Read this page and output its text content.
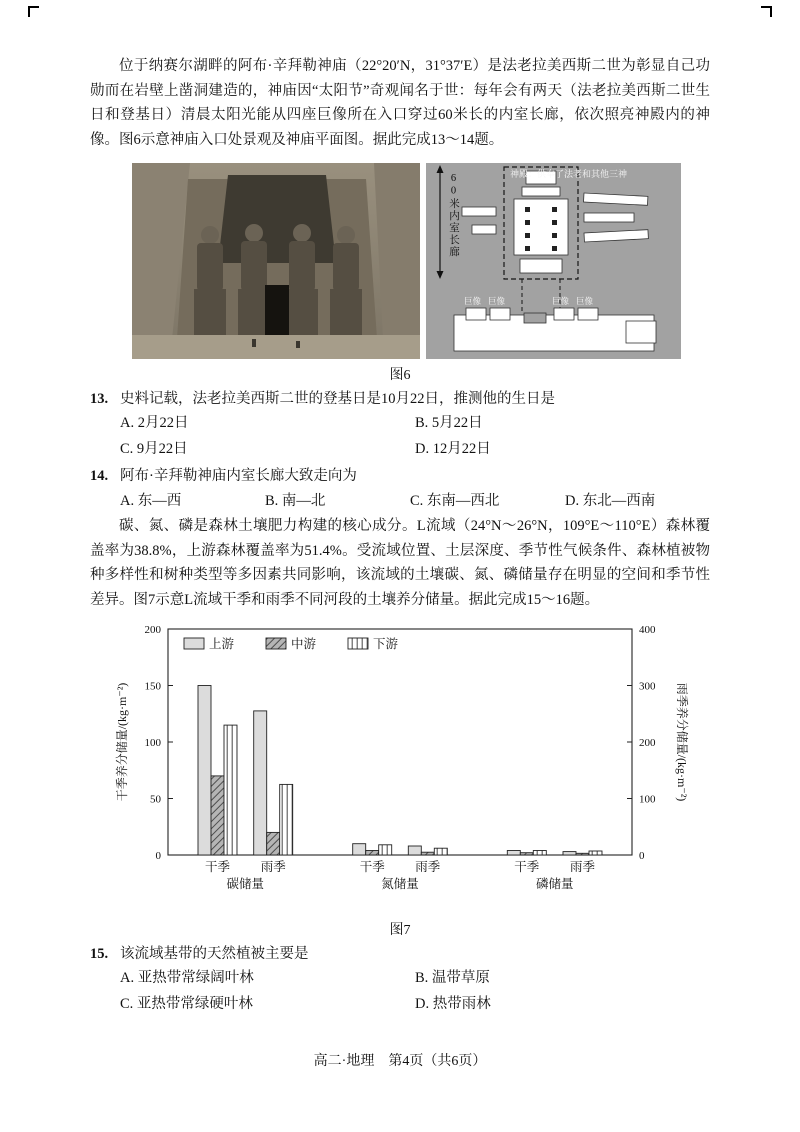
位于纳赛尔湖畔的阿布·辛拜勒神庙（22°20′N，31°37′E）是法老拉美西斯二世为彰显自己功勋而在岩壁上凿洞建造的，神庙因“太阳节”奇观闻名于世：每年会有两天（法老拉美西斯二世生日和登基日）清晨太阳光能从四座巨像所在入口穿过60米长的内室长廊，依次照亮神殿内的神像。图6示意神庙入口处景观及神庙平面图。据此完成13～14题。

60米内室长廊	神殿：供奉了法老和其他三神
巨像 巨像	巨像 巨像
图6
13. 史料记载，法老拉美西斯二世的登基日是10月22日，推测他的生日是
A. 2月22日	B. 5月22日
C. 9月22日	D. 12月22日
14. 阿布·辛拜勒神庙内室长廊大致走向为
A. 东—西	B. 南—北	C. 东南—西北	D. 东北—西南

碳、氮、磷是森林土壤肥力构建的核心成分。L流域（24°N～26°N，109°E～110°E）森林覆盖率为38.8%，上游森林覆盖率为51.4%。受流域位置、土层深度、季节性气候条件、森林植被物种多样性和树种类型等多因素共同影响，该流域的土壤碳、氮、磷储量存在明显的空间和季节性差异。图7示意L流域干季和雨季不同河段的土壤养分储量。据此完成15～16题。

0
50
100
150
200
0
100
200
300
400
干季养分储量/(kg·m⁻²)	雨季养分储量/(kg·m⁻²)
干季 雨季	干季 雨季	干季 雨季
碳储量	氮储量	磷储量
上游	中游	下游
图7
15. 该流域基带的天然植被主要是
A. 亚热带常绿阔叶林	B. 温带草原
C. 亚热带常绿硬叶林	D. 热带雨林
高二·地理　第4页（共6页）
